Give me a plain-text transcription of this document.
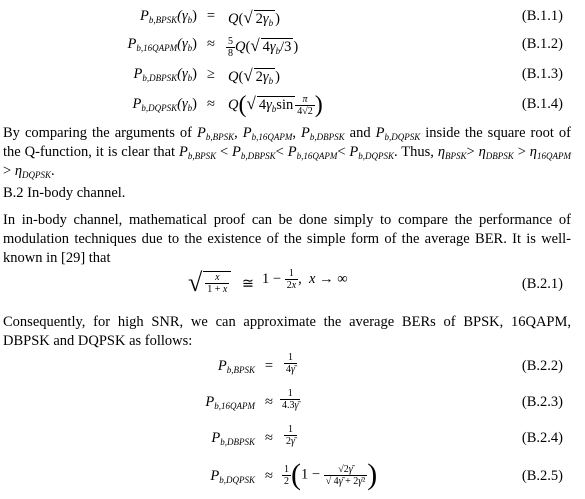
$P_{b,BPSK}(\gamma_b) = Q(√$ $2\gamma_b$ )	(B.1.1)
$P_{b,16QAPM}(\gamma_b)$ ≈	$\frac{5}{8} Q(√$ $4\gamma_b/3$ )	(B.1.2)
$P_{b,DBPSK}(\gamma_b) \ge Q(√$ $2\gamma_b$ )	(B.1.3)
$P_{b,DQPSK}(\gamma_b) \approx Q(√$ $4\gamma_b\sin \frac{\pi}{4√2}$ )	(B.1.4)
By comparing the arguments of $P_{b,BPSK}$, $P_{b,16QAPM}$, $P_{b,DBPSK}$ and $P_{b,DQPSK}$ inside the square root of the Q-function, it is clear that $P_{b,BPSK} < P_{b,DBPSK}< P_{b,16QAPM}< P_{b,DQPSK}$. Thus, $\eta_{BPSK}> \eta_{DBPSK} > \eta_{16QAPM} > \eta_{DQPSK}$.
B.2 In-body channel.
In in-body channel, mathematical proof can be done simply to compare the performance of modulation techniques due to the existence of the simple form of the average BER. It is well-known in [29] that
√ $\frac{x}{1 + x}$ ≅ $1 - \frac{1}{2x}$ ,  x → ∞	(B.2.1)
Consequently, for high SNR, we can approximate the average BERs of BPSK, 16QAPM, DBPSK and DQPSK as follows:
$P_{b,BPSK}$ =	$\frac{1}{4\gammā}$	(B.2.2)
$P_{b,16QAPM} \approx \frac{1}{4.3\gammā}$	(B.2.3)
$P_{b,DBPSK}$ ≈	$\frac{1}{2\gammā}$	(B.2.4)
$P_{b,DQPSK} \approx \frac{1}{2} (1 - \frac{√2\gammā}{\text{√ 4γ̄ + 2γ̄²}}$ )	(B.2.5)
